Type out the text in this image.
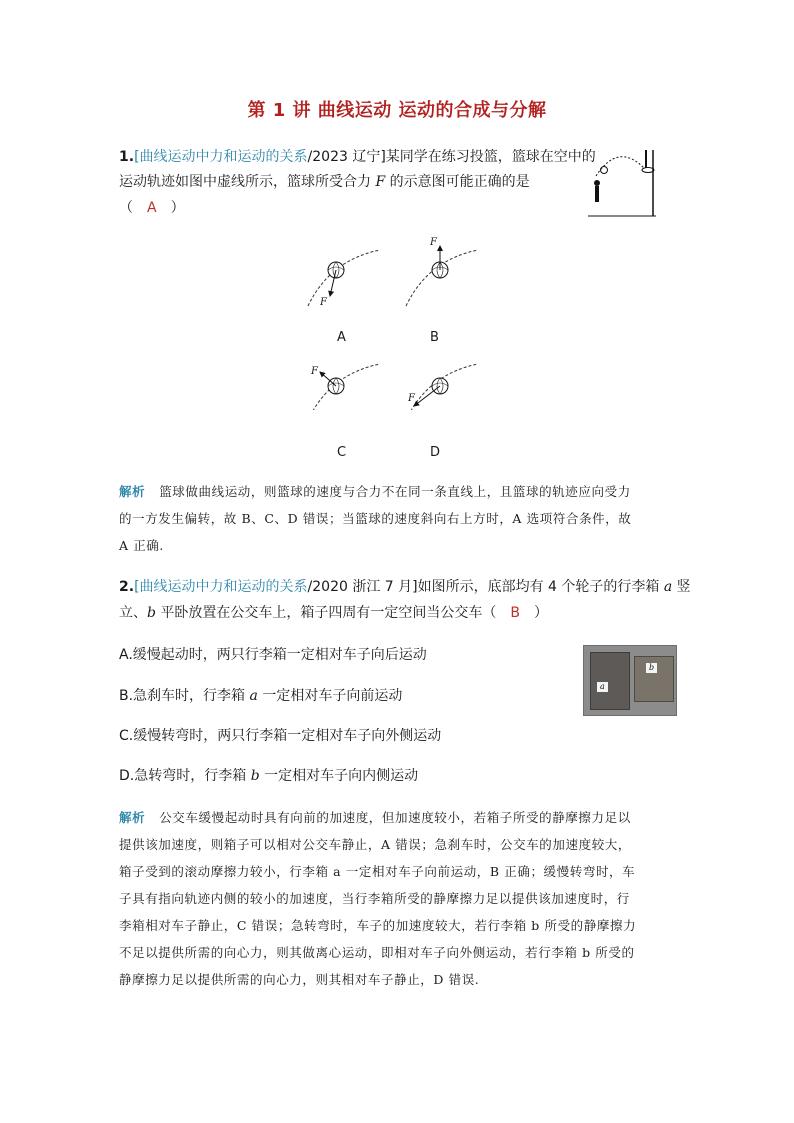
第 1 讲 曲线运动 运动的合成与分解
1.[曲线运动中力和运动的关系/2023 辽宁]某同学在练习投篮，篮球在空中的
运动轨迹如图中虚线所示，篮球所受合力 F 的示意图可能正确的是
（ A ）
F
F
F
F
A	B
C	D
解析 篮球做曲线运动，则篮球的速度与合力不在同一条直线上，且篮球的轨迹应向受力
的一方发生偏转，故 B、C、D 错误；当篮球的速度斜向右上方时，A 选项符合条件，故
A 正确.
2.[曲线运动中力和运动的关系/2020 浙江 7 月]如图所示，底部均有 4 个轮子的行李箱 a 竖
立、b 平卧放置在公交车上，箱子四周有一定空间当公交车（ B ）
A.缓慢起动时，两只行李箱一定相对车子向后运动
B.急刹车时，行李箱 a 一定相对车子向前运动
C.缓慢转弯时，两只行李箱一定相对车子向外侧运动
D.急转弯时，行李箱 b 一定相对车子向内侧运动
a
b
解析 公交车缓慢起动时具有向前的加速度，但加速度较小，若箱子所受的静摩擦力足以
提供该加速度，则箱子可以相对公交车静止，A 错误；急刹车时，公交车的加速度较大，
箱子受到的滚动摩擦力较小，行李箱 a 一定相对车子向前运动，B 正确；缓慢转弯时，车
子具有指向轨迹内侧的较小的加速度，当行李箱所受的静摩擦力足以提供该加速度时，行
李箱相对车子静止，C 错误；急转弯时，车子的加速度较大，若行李箱 b 所受的静摩擦力
不足以提供所需的向心力，则其做离心运动，即相对车子向外侧运动，若行李箱 b 所受的
静摩擦力足以提供所需的向心力，则其相对车子静止，D 错误.
